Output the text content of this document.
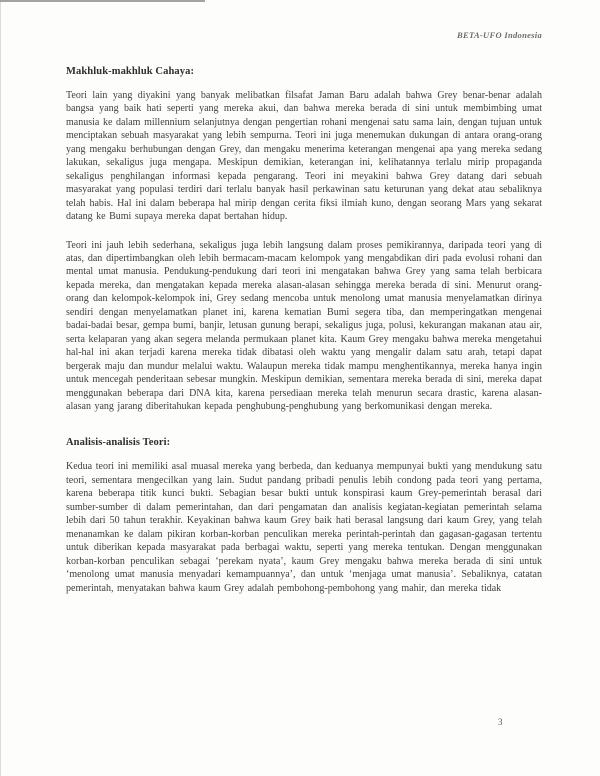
BETA-UFO Indonesia
Makhluk-makhluk Cahaya:

Teori lain yang diyakini yang banyak melibatkan filsafat Jaman Baru adalah bahwa Grey benar-benar adalah bangsa yang baik hati seperti yang mereka akui, dan bahwa mereka berada di sini untuk membimbing umat manusia ke dalam millennium selanjutnya dengan pengertian rohani mengenai satu sama lain, dengan tujuan untuk menciptakan sebuah masyarakat yang lebih sempurna. Teori ini juga menemukan dukungan di antara orang-orang yang mengaku berhubungan dengan Grey, dan mengaku menerima keterangan mengenai apa yang mereka sedang lakukan, sekaligus juga mengapa. Meskipun demikian, keterangan ini, kelihatannya terlalu mirip propaganda sekaligus penghilangan informasi kepada pengarang. Teori ini meyakini bahwa Grey datang dari sebuah masyarakat yang populasi terdiri dari terlalu banyak hasil perkawinan satu keturunan yang dekat atau sebaliknya telah habis. Hal ini dalam beberapa hal mirip dengan cerita fiksi ilmiah kuno, dengan seorang Mars yang sekarat datang ke Bumi supaya mereka dapat bertahan hidup.

Teori ini jauh lebih sederhana, sekaligus juga lebih langsung dalam proses pemikirannya, daripada teori yang di atas, dan dipertimbangkan oleh lebih bermacam-macam kelompok yang mengabdikan diri pada evolusi rohani dan mental umat manusia. Pendukung-pendukung dari teori ini mengatakan bahwa Grey yang sama telah berbicara kepada mereka, dan mengatakan kepada mereka alasan-alasan sehingga mereka berada di sini. Menurut orang-orang dan kelompok-kelompok ini, Grey sedang mencoba untuk menolong umat manusia menyelamatkan dirinya sendiri dengan menyelamatkan planet ini, karena kematian Bumi segera tiba, dan memperingatkan mengenai badai-badai besar, gempa bumi, banjir, letusan gunung berapi, sekaligus juga, polusi, kekurangan makanan atau air, serta kelaparan yang akan segera melanda permukaan planet kita. Kaum Grey mengaku bahwa mereka mengetahui hal-hal ini akan terjadi karena mereka tidak dibatasi oleh waktu yang mengalir dalam satu arah, tetapi dapat bergerak maju dan mundur melalui waktu. Walaupun mereka tidak mampu menghentikannya, mereka hanya ingin untuk mencegah penderitaan sebesar mungkin. Meskipun demikian, sementara mereka berada di sini, mereka dapat menggunakan beberapa dari DNA kita, karena persediaan mereka telah menurun secara drastic, karena alasan-alasan yang jarang diberitahukan kepada penghubung-penghubung yang berkomunikasi dengan mereka.

Analisis-analisis Teori:

Kedua teori ini memiliki asal muasal mereka yang berbeda, dan keduanya mempunyai bukti yang mendukung satu teori, sementara mengecilkan yang lain. Sudut pandang pribadi penulis lebih condong pada teori yang pertama, karena beberapa titik kunci bukti. Sebagian besar bukti untuk konspirasi kaum Grey-pemerintah berasal dari sumber-sumber di dalam pemerintahan, dan dari pengamatan dan analisis kegiatan-kegiatan pemerintah selama lebih dari 50 tahun terakhir. Keyakinan bahwa kaum Grey baik hati berasal langsung dari kaum Grey, yang telah menanamkan ke dalam pikiran korban-korban penculikan mereka perintah-perintah dan gagasan-gagasan tertentu untuk diberikan kepada masyarakat pada berbagai waktu, seperti yang mereka tentukan. Dengan menggunakan korban-korban penculikan sebagai ‘perekam nyata’, kaum Grey mengaku bahwa mereka berada di sini untuk ‘menolong umat manusia menyadari kemampuannya’, dan untuk ‘menjaga umat manusia’. Sebaliknya, catatan pemerintah, menyatakan bahwa kaum Grey adalah pembohong-pembohong yang mahir, dan mereka tidak

3
